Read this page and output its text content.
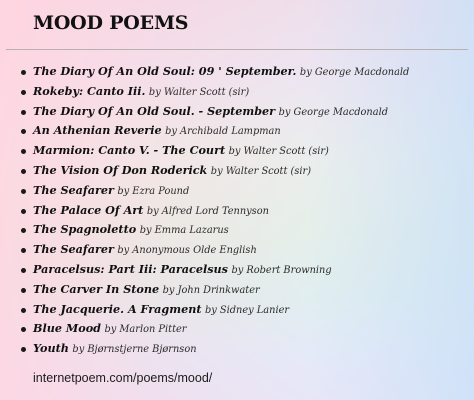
MOOD POEMS
The Diary Of An Old Soul: 09 ' September. by George Macdonald
Rokeby: Canto Iii. by Walter Scott (sir)
The Diary Of An Old Soul. - September by George Macdonald
An Athenian Reverie by Archibald Lampman
Marmion: Canto V. - The Court by Walter Scott (sir)
The Vision Of Don Roderick by Walter Scott (sir)
The Seafarer by Ezra Pound
The Palace Of Art by Alfred Lord Tennyson
The Spagnoletto by Emma Lazarus
The Seafarer by Anonymous Olde English
Paracelsus: Part Iii: Paracelsus by Robert Browning
The Carver In Stone by John Drinkwater
The Jacquerie. A Fragment by Sidney Lanier
Blue Mood by Marlon Pitter
Youth by Bjørnstjerne Bjørnson
internetpoem.com/poems/mood/
